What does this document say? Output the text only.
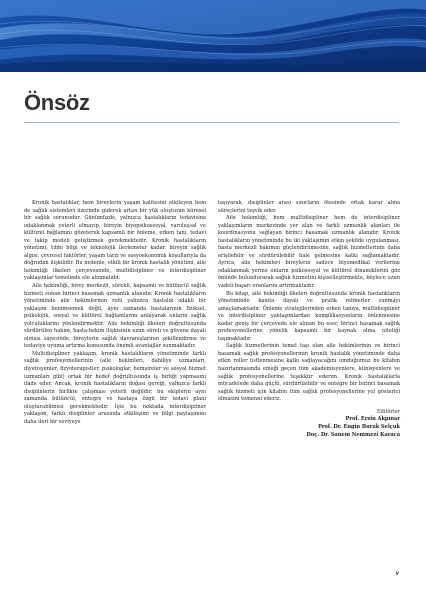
Önsöz

Kronik hastalıklar, hem bireylerin yaşam kalitesini etkileyen hem de sağlık sistemleri üzerinde giderek artan bir yük oluşturan küresel bir sağlık sorunudur. Günümüzde, yalnızca hastalıkların tedavisine odaklanmak yeterli olmayıp, bireyin biyopsikososyal, varoluşsal ve kültürel bağlamını gözeterek kapsamlı bir önleme, erken tanı, tedavi ve takip modeli geliştirmek gerekmektedir. Kronik hastalıkların yönetimi, tıbbi bilgi ve teknolojik ilerlemeler kadar, bireyin sağlık algısı, çevresel faktörler, yaşam tarzı ve sosyoekonomik koşullarıyla da doğrudan ilişkilidir. Bu nedenle, etkili bir kronik hastalık yönetimi, aile hekimliği ilkeleri çerçevesinde, multidisipliner ve interdisipliner yaklaşımlar temelinde ele alınmalıdır.

Aile hekimliği, birey merkezli, sürekli, kapsamlı ve bütüncül sağlık hizmeti sunan birinci basamak uzmanlık alanıdır. Kronik hastalıkların yönetiminde aile hekimlerinin rolü yalnızca hastalık odaklı bir yaklaşım benimsemek değil, aynı zamanda hastalarının fiziksel, psikolojik, sosyal ve kültürel bağlamlarını anlayarak onların sağlık yolculuklarını yönlendirmektir. Aile hekimliği ilkeleri doğrultusunda sürdürülen hakim, hasta-hekim ilişkisinin uzun süreli ve güvene dayalı olması sayesinde, bireylerin sağlık davranışlarının şekillendirme ve tedaviye uyuma artırma konusunda önemli avantajlar sunmaktadır.

Multidisipliner yaklaşım, kronik hastalıkların yönetiminde farklı sağlık profesyonellerinin (aile hekimleri, dahiliye uzmanları, diyetisyenler, fizyoterapistler, psikologlar, hemşireler ve sosyal hizmet uzmanları gibi) ortak bir hedef doğrultusunda iş birliği yapmasını ifade eder. Ancak, kronik hastalıkların doğası gereği, yalnızca farklı disiplinlerin birlikte çalışması yeterli değildir; bu ekiplerin aynı zamanda bütüncül, entegre ve hastaya özgü bir tedavi planı oluşturabilmesi gerekmektedir. İşte bu noktada interdisipliner yaklaşım, farklı disiplinler arasında etkileşimi ve bilgi paylaşımını daha ileri bir seviyeye

taşıyarak, disiplinler arası sınırların ötesinde ortak karar alma süreçlerini teşvik eder.

Aile hekimliği, hem multidisipliner hem de interdisipliner yaklaşımların merkezinde yer alan ve farklı uzmanlık alanları ile koordinasyonu sağlayan birinci basamak uzmanlık alanıdır. Kronik hastalıkların yönetiminde bu iki yaklaşımın etkin şekilde uygulanması, hasta merkezli bakımın güçlendirilmesine, sağlık hizmetlerinin daha erişilebilir ve sürdürülebilir hale gelmesine katkı sağlamaktadır. Ayrıca, aile hekimleri bireylerin sadece biyomedikal verilerine odaklanmak yerine onların psikososyal ve kültürel dinamiklerini göz önünde bulundurarak sağlık hizmetini kişiselleştirmekte, böylece uzun vadeli başarı oranlarını artırmaktadır.

Bu kitap, aile hekimliği ilkeleri doğrultusunda kronik hastalıkların yönetiminde kanıta dayalı ve pratik rehberler sunmayı amaçlamaktadır. Önleme stratejilerinden erken tanıya, multidisipliner ve interdisipliner yaklaşımlardan komplikasyonların önlenmesine kadar geniş bir çerçevede ele alınan bu eser, birinci basamak sağlık profesyonellerine yönelik kapsamlı bir kaynak olma niteliği taşımaktadır.

Sağlık hizmetlerinin temel taşı olan aile hekimlerinin ve birinci basamak sağlık profesyonellerinin kronik hastalık yönetiminde daha etkin roller üstlenmesine katkı sağlayacağını umduğumuz bu kitabın hazırlanmasında emeği geçen tüm akademisyenlere, klinisyenlere ve sağlık profesyonellerine teşekkür ederim. Kronik hastalıklarla mücadelede daha güçlü, sürdürülebilir ve entegre bir birinci basamak sağlık hizmeti için kitabın tüm sağlık profesyonellerine yol gösterici olmasını temenni ederiz.

Editörler
Prof. Ersin Akpınar
Prof. Dr. Engin Burak Selçuk
Doç. Dr. Sanem Nemmezi Karaca
v
